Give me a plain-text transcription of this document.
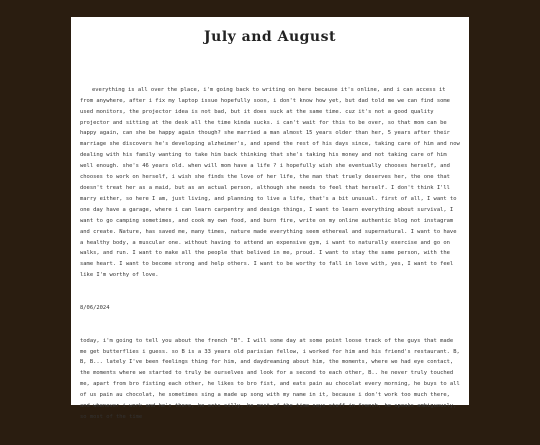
July and August

everything is all over the place, i'm going back to writing on here because it's online, and i can access it from anywhere, after i fix my laptop issue hopefully soon, i don't know how yet, but dad told me we can find some used monitors, the projector idea is not bad, but it does suck at the same time. cuz it's not a good quality projector and sitting at the desk all the time kinda sucks. i can't wait for this to be over, so that mom can be happy again, can she be happy again though? she married a man almost 15 years older than her, 5 years after their marriage she discovers he's developing alzheimer's, and spend the rest of his days since, taking care of him and now dealing with his family wanting to take him back thinking that she's taking his money and not taking care of him well enough. she's 46 years old. when will mom have a life ? i hopefully wish she eventually chooses herself, and chooses to work on herself, i wish she finds the love of her life, the man that truely deserves her, the one that doesn't treat her as a maid, but as an actual person, although she needs to feel that herself. I don't think I'll marry either, so here I am, just living, and planning to live a life, that's a bit unusual. first of all, I want to one day have a garage, where i can learn carpentry and design things, I want to learn everything about survival, I want to go camping sometimes, and cook my own food, and burn fire, write on my online authentic blog not instagram and create. Nature, has saved me, many times, nature made everything seem ethereal and supernatural. I want to have a healthy body, a muscular one. without having to attend an expensive gym, i want to naturally exercise and go on walks, and run. I want to make all the people that belived in me, proud. I want to stay the same person, with the same heart. I want to become strong and help others. I want to be worthy to fall in love with, yes, I want to feel like I'm worthy of love.

8/06/2024

today, i'm going to tell you about the french "B". I will some day at some point loose track of the guys that made me get butterflies i guess. so B is a 33 years old parisian fellow, i worked for him and his friend's restaurant. B, B, B... lately I've been feelings thing for him, and daydreaming about him, the moments, where we had eye contact, the moments where we started to truly be ourselves and look for a second to each other, B.. he never truly touched me, apart from bro fisting each other, he likes to bro fist, and eats pain au chocolat every morning, he buys to all of us pain au chocolat, he sometimes sing a made up song with my name in it, because i don't work too much there, and whenever i work and he's there, he acts silly, he most of the time says stuff in french, he speaks ambiguously, so most of the time
